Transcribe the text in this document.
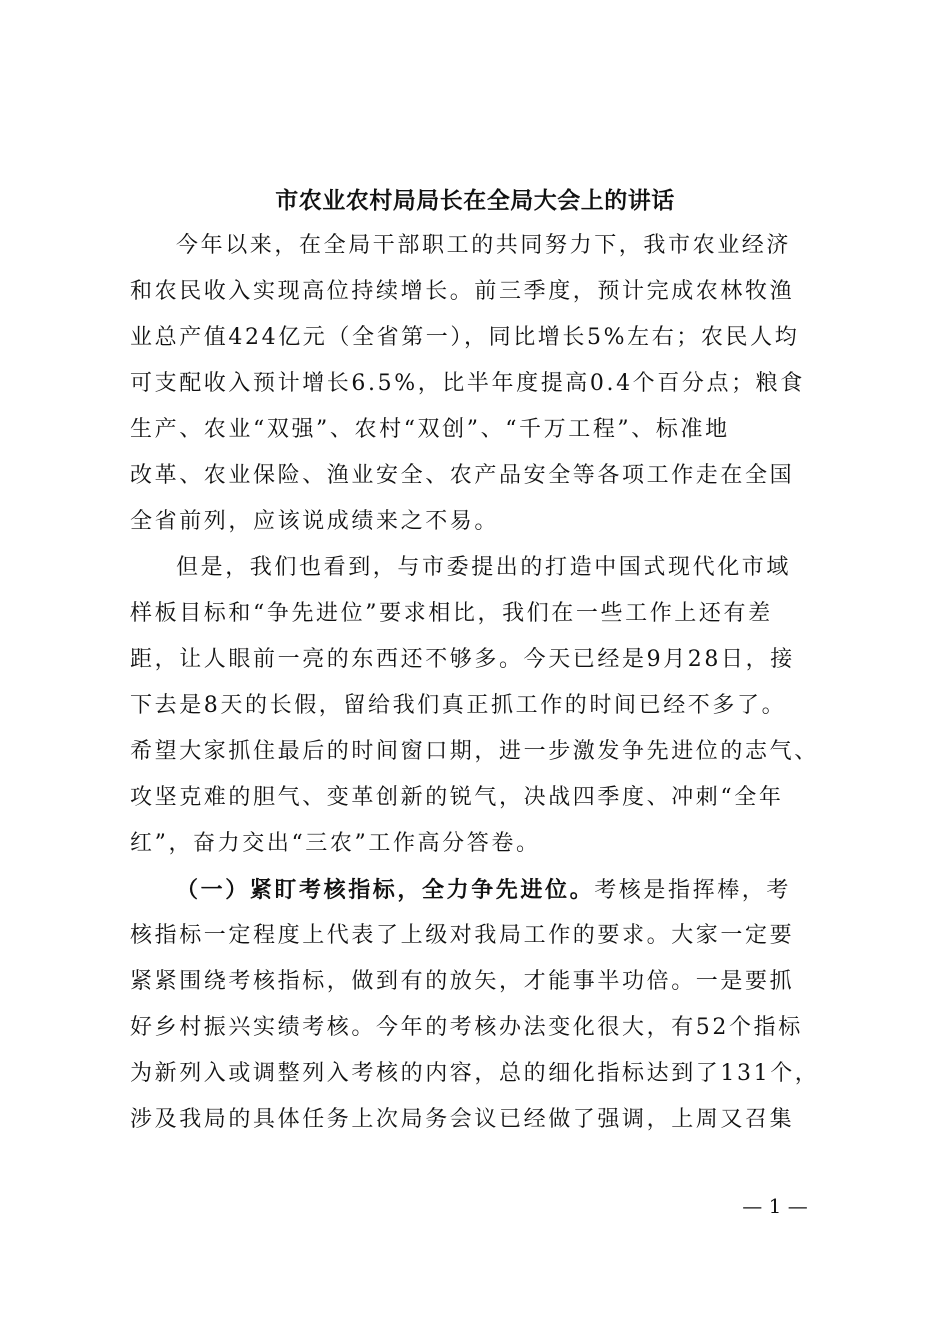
市农业农村局局长在全局大会上的讲话
今年以来，在全局干部职工的共同努力下，我市农业经济
和农民收入实现高位持续增长。前三季度，预计完成农林牧渔
业总产值424亿元（全省第一），同比增长5%左右；农民人均
可支配收入预计增长6.5%，比半年度提高0.4个百分点；粮食
生产、农业“双强”、农村“双创”、“千万工程”、标准地
改革、农业保险、渔业安全、农产品安全等各项工作走在全国
全省前列，应该说成绩来之不易。
但是，我们也看到，与市委提出的打造中国式现代化市域
样板目标和“争先进位”要求相比，我们在一些工作上还有差
距，让人眼前一亮的东西还不够多。今天已经是9月28日，接
下去是8天的长假，留给我们真正抓工作的时间已经不多了。
希望大家抓住最后的时间窗口期，进一步激发争先进位的志气、
攻坚克难的胆气、变革创新的锐气，决战四季度、冲刺“全年
红”，奋力交出“三农”工作高分答卷。
（一）紧盯考核指标，全力争先进位。考核是指挥棒，考
核指标一定程度上代表了上级对我局工作的要求。大家一定要
紧紧围绕考核指标，做到有的放矢，才能事半功倍。一是要抓
好乡村振兴实绩考核。今年的考核办法变化很大，有52个指标
为新列入或调整列入考核的内容，总的细化指标达到了131个，
涉及我局的具体任务上次局务会议已经做了强调，上周又召集
— 1 —
